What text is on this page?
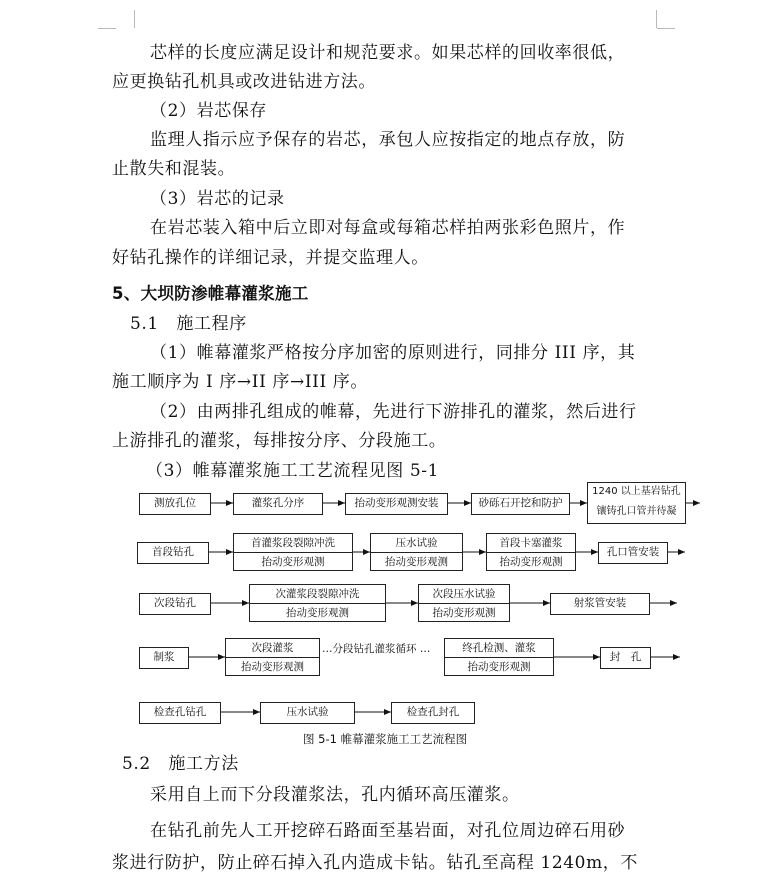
芯样的长度应满足设计和规范要求。如果芯样的回收率很低，
应更换钻孔机具或改进钻进方法。
（2）岩芯保存
监理人指示应予保存的岩芯，承包人应按指定的地点存放，防
止散失和混装。
（3）岩芯的记录
在岩芯装入箱中后立即对每盒或每箱芯样拍两张彩色照片，作
好钻孔操作的详细记录，并提交监理人。
5、大坝防渗帷幕灌浆施工
5.1　施工程序
（1）帷幕灌浆严格按分序加密的原则进行，同排分 III 序，其
施工顺序为 I 序→II 序→III 序。
（2）由两排孔组成的帷幕，先进行下游排孔的灌浆，然后进行
上游排孔的灌浆，每排按分序、分段施工。
（3）帷幕灌浆施工工艺流程见图 5-1
测放孔位	灌浆孔分序	抬动变形观测安装	砂砾石开挖和防护
1240 以上基岩钻孔
镶铸孔口管并待凝
首段钻孔
首灌浆段裂隙冲洗
抬动变形观测
压水试验
抬动变形观测
首段卡塞灌浆
抬动变形观测
孔口管安装
次段钻孔
次灌浆段裂隙冲洗
抬动变形观测
次段压水试验
抬动变形观测
射浆管安装
制浆
次段灌浆
抬动变形观测
…分段钻孔灌浆循环 …	终孔检测、灌浆
抬动变形观测
封　孔
检查孔钻孔	压水试验	检查孔封孔
图 5-1 帷幕灌浆施工工艺流程图
5.2　施工方法
采用自上而下分段灌浆法，孔内循环高压灌浆。
在钻孔前先人工开挖碎石路面至基岩面，对孔位周边碎石用砂
浆进行防护，防止碎石掉入孔内造成卡钻。钻孔至高程 1240m，不
